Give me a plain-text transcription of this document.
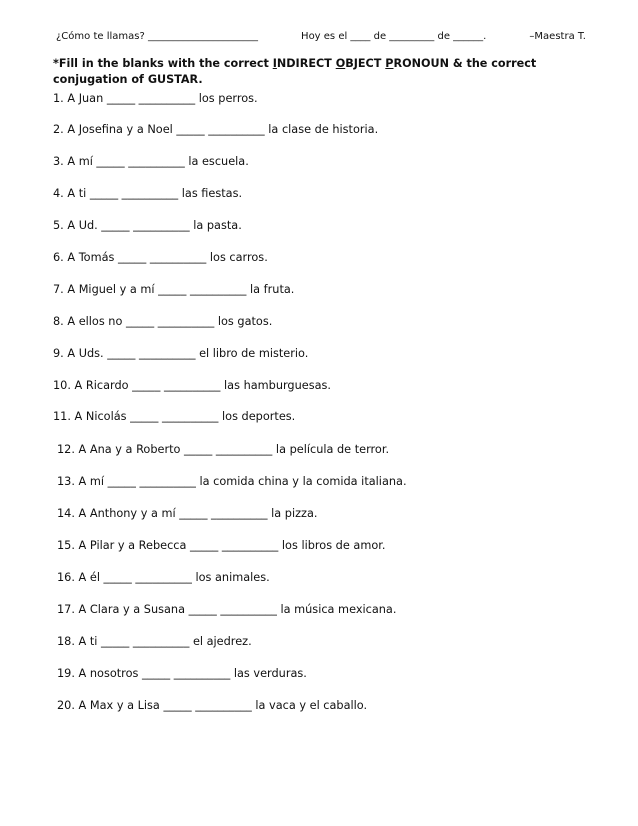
¿Cómo te llamas? ______________________	Hoy es el ____ de _________ de ______.	–Maestra T.
*Fill in the blanks with the correct INDIRECT OBJECT PRONOUN & the correct conjugation of GUSTAR.
1. A Juan _____ __________ los perros.
2. A Josefina y a Noel _____ __________ la clase de historia.
3. A mí _____ __________ la escuela.
4. A ti _____ __________ las fiestas.
5. A Ud. _____ __________ la pasta.
6. A Tomás _____ __________ los carros.
7. A Miguel y a mí _____ __________ la fruta.
8. A ellos no _____ __________ los gatos.
9. A Uds. _____ __________ el libro de misterio.
10. A Ricardo _____ __________ las hamburguesas.
11. A Nicolás _____ __________ los deportes.
12. A Ana y a Roberto _____ __________ la película de terror.
13. A mí _____ __________ la comida china y la comida italiana.
14. A Anthony y a mí _____ __________ la pizza.
15. A Pilar y a Rebecca _____ __________ los libros de amor.
16. A él _____ __________ los animales.
17. A Clara y a Susana _____ __________ la música mexicana.
18. A ti _____ __________ el ajedrez.
19. A nosotros _____ __________ las verduras.
20. A Max y a Lisa _____ __________ la vaca y el caballo.
